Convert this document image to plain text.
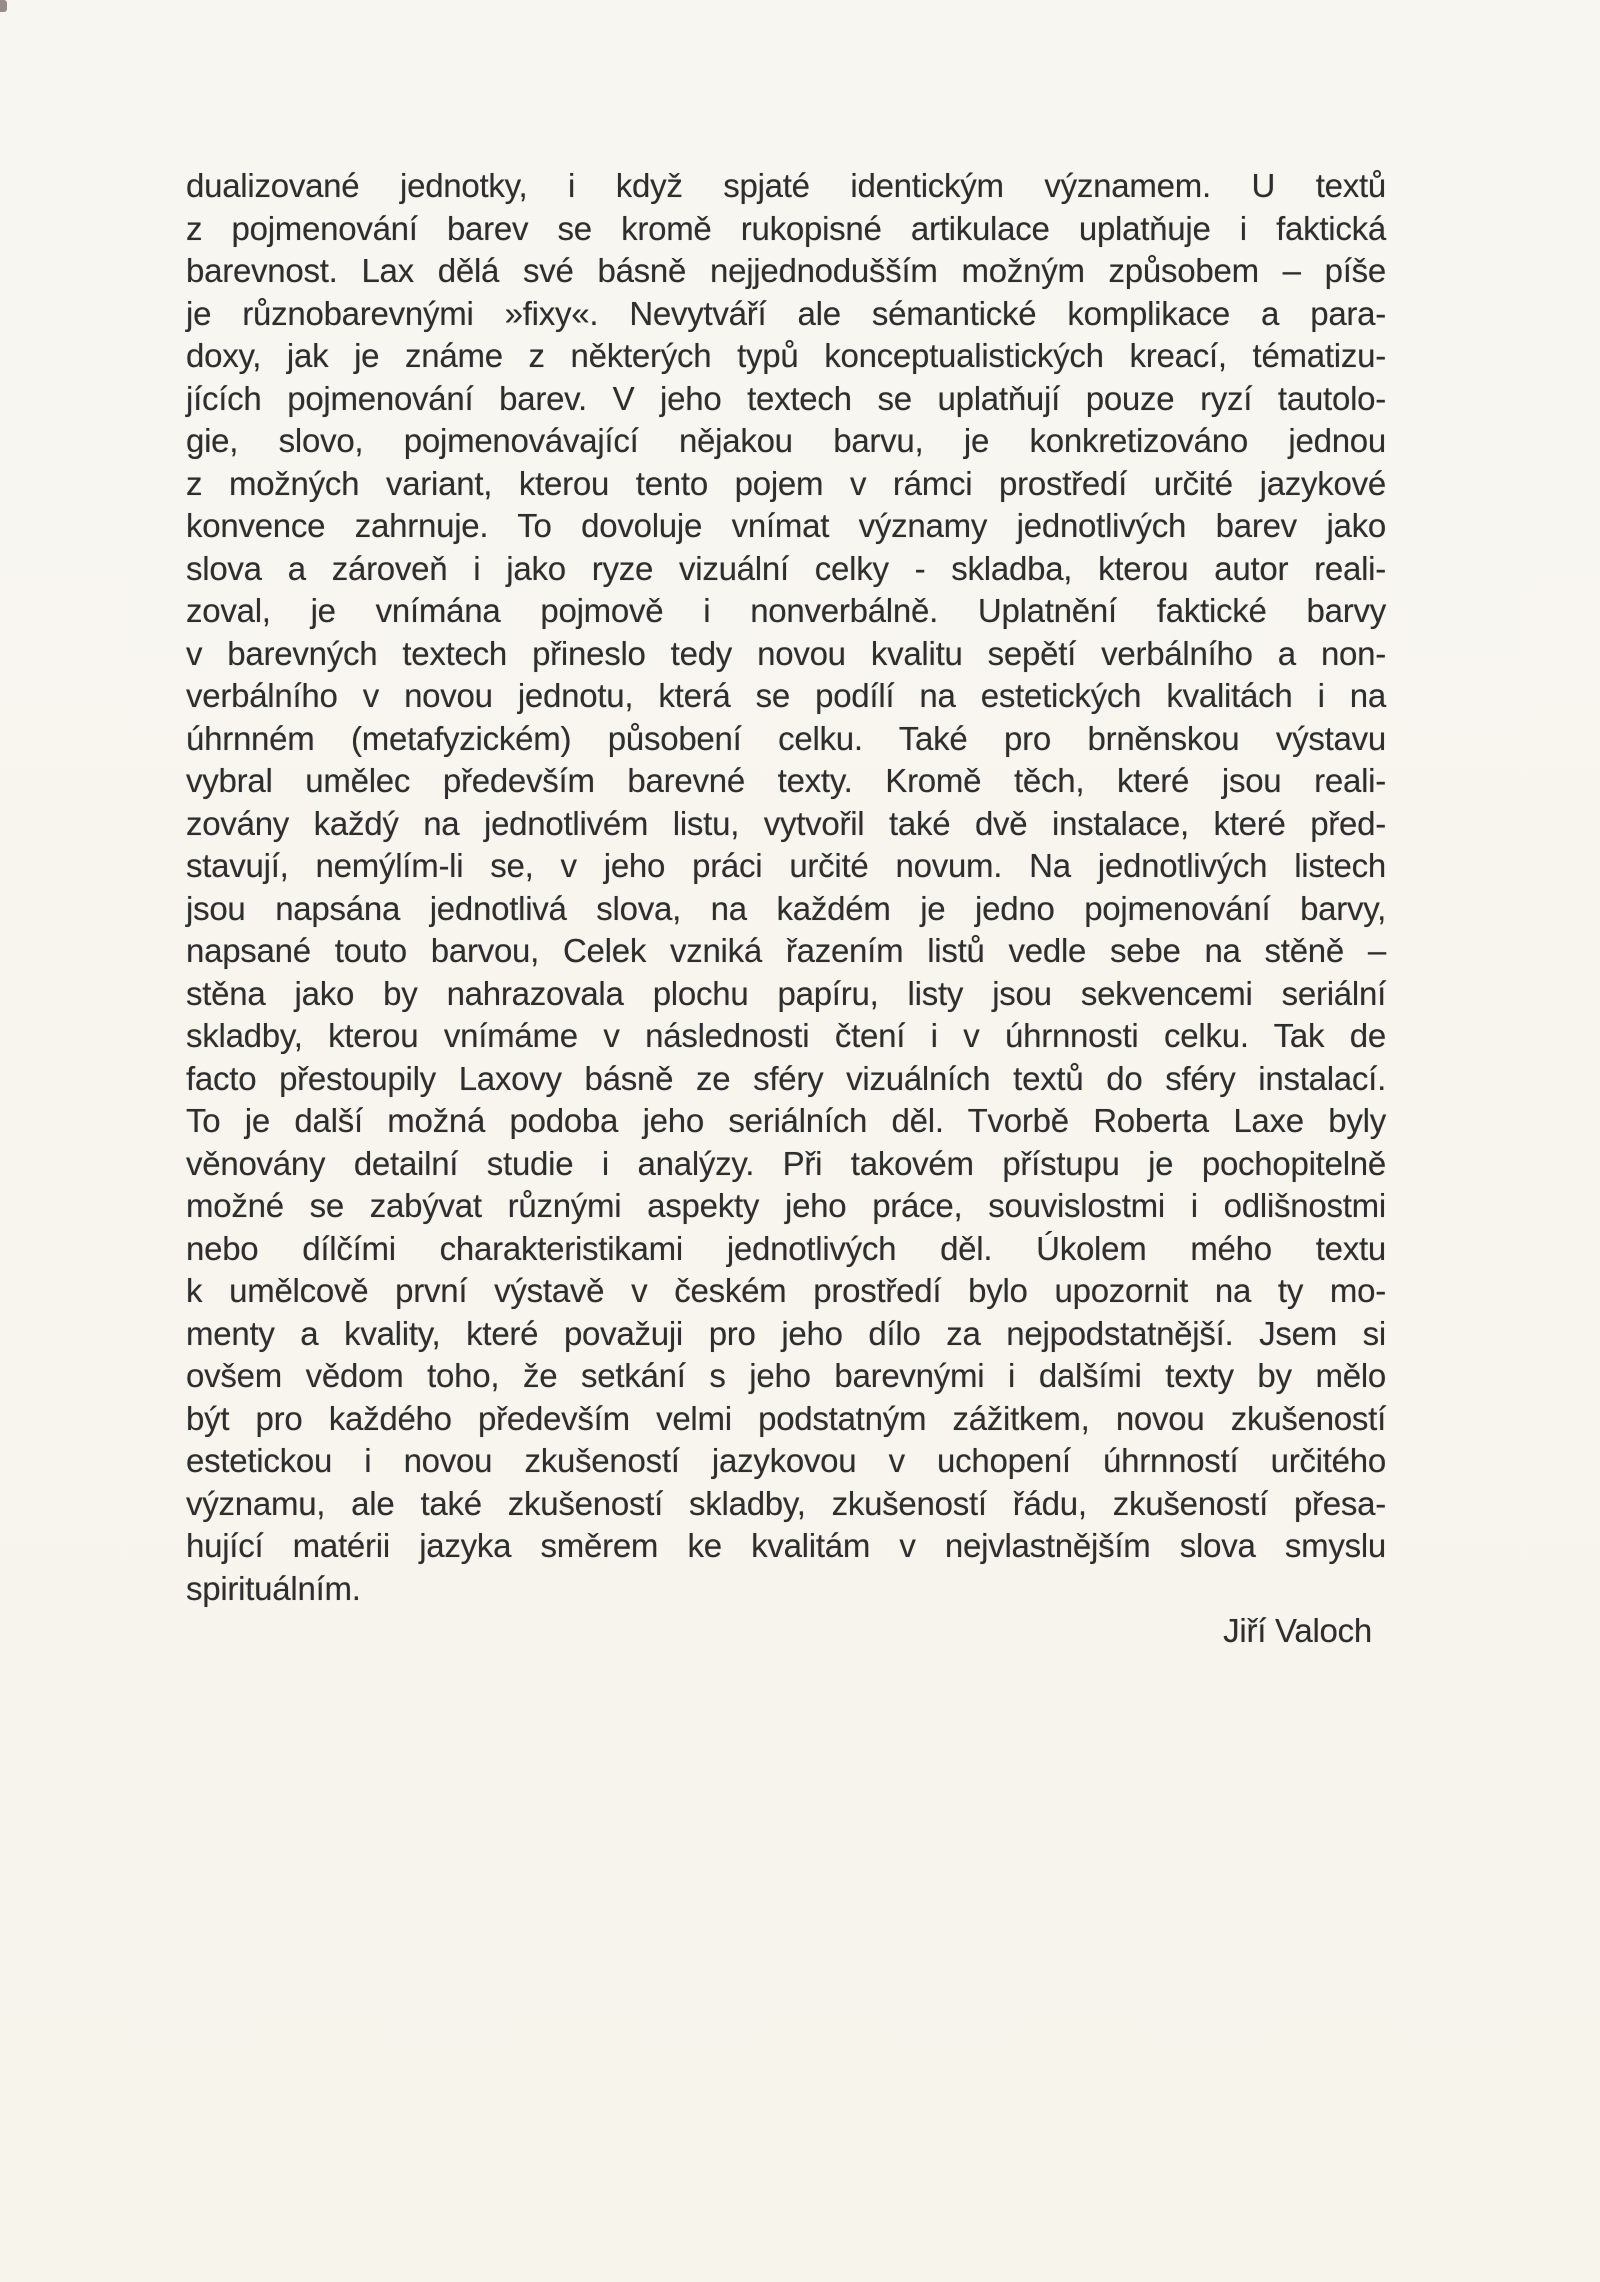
dualizované jednotky, i když spjaté identickým významem. U textů
z pojmenování barev se kromě rukopisné artikulace uplatňuje i faktická
barevnost. Lax dělá své básně nejjednodušším možným způsobem – píše
je různobarevnými »fixy«. Nevytváří ale sémantické komplikace a para-
doxy, jak je známe z některých typů konceptualistických kreací, tématizu-
jících pojmenování barev. V jeho textech se uplatňují pouze ryzí tautolo-
gie, slovo, pojmenovávající nějakou barvu, je konkretizováno jednou
z možných variant, kterou tento pojem v rámci prostředí určité jazykové
konvence zahrnuje. To dovoluje vnímat významy jednotlivých barev jako
slova a zároveň i jako ryze vizuální celky - skladba, kterou autor reali-
zoval, je vnímána pojmově i nonverbálně. Uplatnění faktické barvy
v barevných textech přineslo tedy novou kvalitu sepětí verbálního a non-
verbálního v novou jednotu, která se podílí na estetických kvalitách i na
úhrnném (metafyzickém) působení celku. Také pro brněnskou výstavu
vybral umělec především barevné texty. Kromě těch, které jsou reali-
zovány každý na jednotlivém listu, vytvořil také dvě instalace, které před-
stavují, nemýlím-li se, v jeho práci určité novum. Na jednotlivých listech
jsou napsána jednotlivá slova, na každém je jedno pojmenování barvy,
napsané touto barvou, Celek vzniká řazením listů vedle sebe na stěně –
stěna jako by nahrazovala plochu papíru, listy jsou sekvencemi seriální
skladby, kterou vnímáme v následnosti čtení i v úhrnnosti celku. Tak de
facto přestoupily Laxovy básně ze sféry vizuálních textů do sféry instalací.
To je další možná podoba jeho seriálních děl. Tvorbě Roberta Laxe byly
věnovány detailní studie i analýzy. Při takovém přístupu je pochopitelně
možné se zabývat různými aspekty jeho práce, souvislostmi i odlišnostmi
nebo dílčími charakteristikami jednotlivých děl. Úkolem mého textu
k umělcově první výstavě v českém prostředí bylo upozornit na ty mo-
menty a kvality, které považuji pro jeho dílo za nejpodstatnější. Jsem si
ovšem vědom toho, že setkání s jeho barevnými i dalšími texty by mělo
být pro každého především velmi podstatným zážitkem, novou zkušeností
estetickou i novou zkušeností jazykovou v uchopení úhrnností určitého
významu, ale také zkušeností skladby, zkušeností řádu, zkušeností přesa-
hující matérii jazyka směrem ke kvalitám v nejvlastnějším slova smyslu
spirituálním.
Jiří Valoch
